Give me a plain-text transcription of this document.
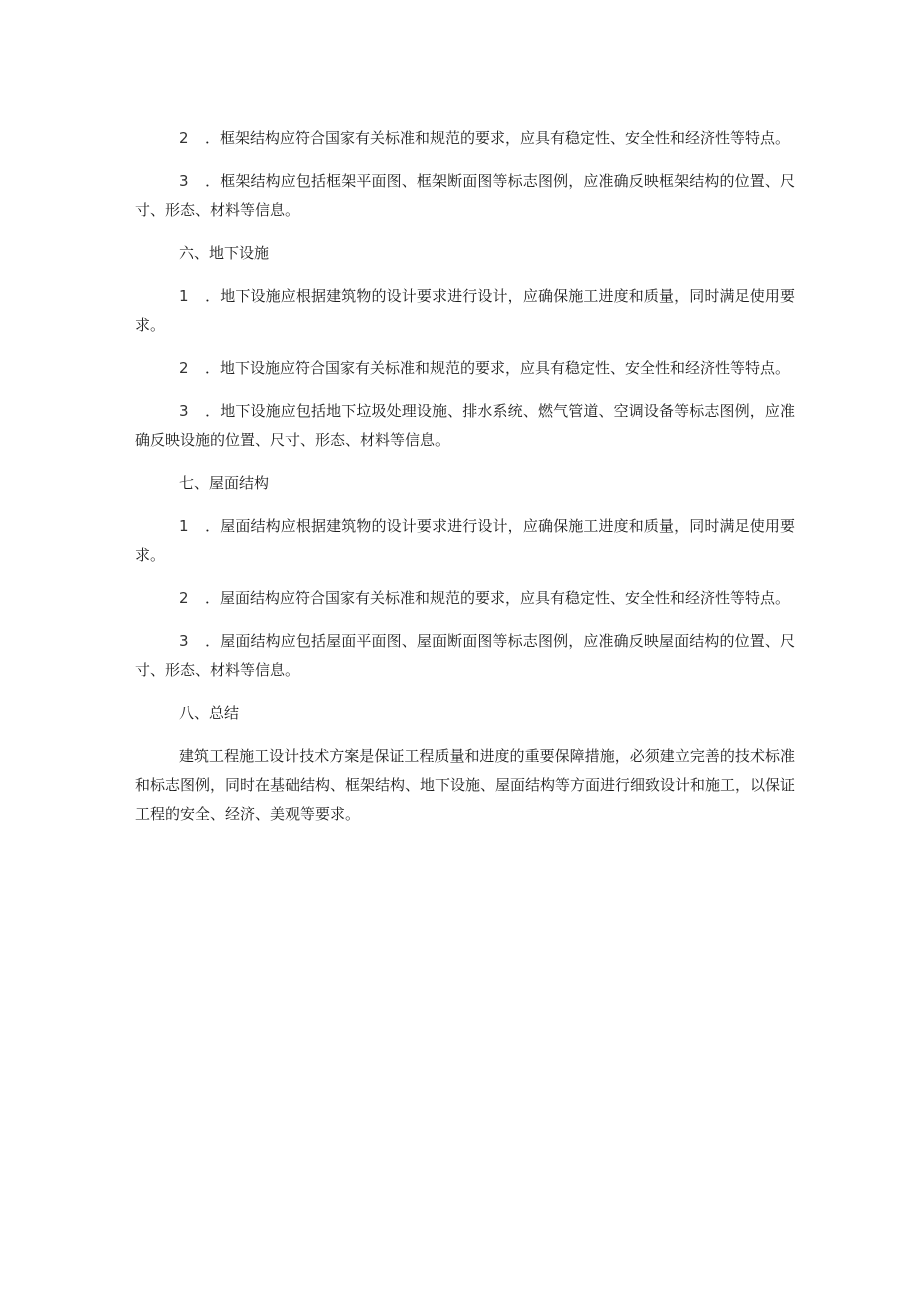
2 ．框架结构应符合国家有关标准和规范的要求，应具有稳定性、安全性和经济性等特点。

3 ．框架结构应包括框架平面图、框架断面图等标志图例，应准确反映框架结构的位置、尺寸、形态、材料等信息。

六、地下设施

1 ．地下设施应根据建筑物的设计要求进行设计，应确保施工进度和质量，同时满足使用要求。

2 ．地下设施应符合国家有关标准和规范的要求，应具有稳定性、安全性和经济性等特点。

3 ．地下设施应包括地下垃圾处理设施、排水系统、燃气管道、空调设备等标志图例，应准确反映设施的位置、尺寸、形态、材料等信息。

七、屋面结构

1 ．屋面结构应根据建筑物的设计要求进行设计，应确保施工进度和质量，同时满足使用要求。

2 ．屋面结构应符合国家有关标准和规范的要求，应具有稳定性、安全性和经济性等特点。

3 ．屋面结构应包括屋面平面图、屋面断面图等标志图例，应准确反映屋面结构的位置、尺寸、形态、材料等信息。

八、总结

建筑工程施工设计技术方案是保证工程质量和进度的重要保障措施，必须建立完善的技术标准和标志图例，同时在基础结构、框架结构、地下设施、屋面结构等方面进行细致设计和施工，以保证工程的安全、经济、美观等要求。
